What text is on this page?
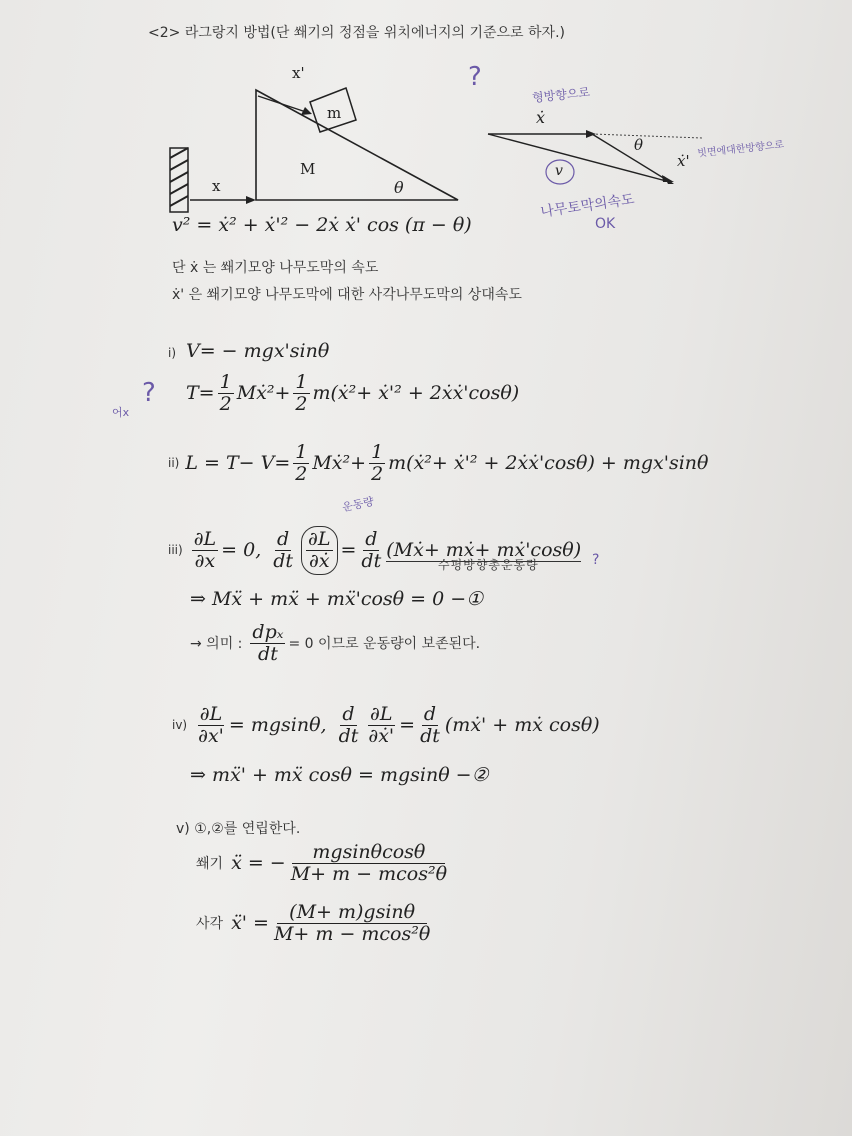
<2> 라그랑지 방법(단 쐐기의 정점을 위치에너지의 기준으로 하자.)
x'
m
M
x	θ
ẋ
θ
v
ẋ'
?
형방향으로
빗면에대한방향으로
나무토막의속도
OK
?
어x
운동량
?
v² = ẋ² + ẋ'² − 2ẋ ẋ' cos (π − θ)
단 ẋ 는 쐐기모양 나무도막의 속도
ẋ' 은 쐐기모양 나무도막에 대한 사각나무도막의 상대속도
i) V= − mgx'sinθ
$T= \frac{1}{2}$ Mẋ²+ $\frac{1}{2}$ m(ẋ²+ ẋ'² + 2ẋẋ'cosθ)
ii) $L = T- V= \frac{1}{2}$ Mẋ²+ $\frac{1}{2}$ m(ẋ²+ ẋ'² + 2ẋẋ'cosθ) + mgx'sinθ
$iii) \frac{\partial L}{\partial x} = 0$, $\frac{d}{dt} \frac{\partial L}{\text{∂ẋ}} = \frac{d}{dt}$ (Mẋ+ mẋ+ mẋ'cosθ)
수평방향총운동량
⇒ Mẍ + mẍ + mẍ'cosθ = 0 −①
→ 의미 : $\frac{\text{dpₓ}}{dt} = 0$ 이므로 운동량이 보존된다.
$iv) \frac{\partial L}{\partial x'} = mgsin\theta$, $\frac{d}{dt} \frac{\partial L}{\text{∂ẋ'}} = \frac{d}{dt}$ (mẋ' + mẋ cosθ)
⇒ mẍ' + mẍ cosθ = mgsinθ −②
v) ①,②를 연립한다.
쐐기 ẍ = − $\frac{mgsin\theta\cos\theta}{\text{M+ m − mcos²θ}}$
사각 ẍ' = $\frac{(M+ m)gsin\theta}{\text{M+ m − mcos²θ}}$
